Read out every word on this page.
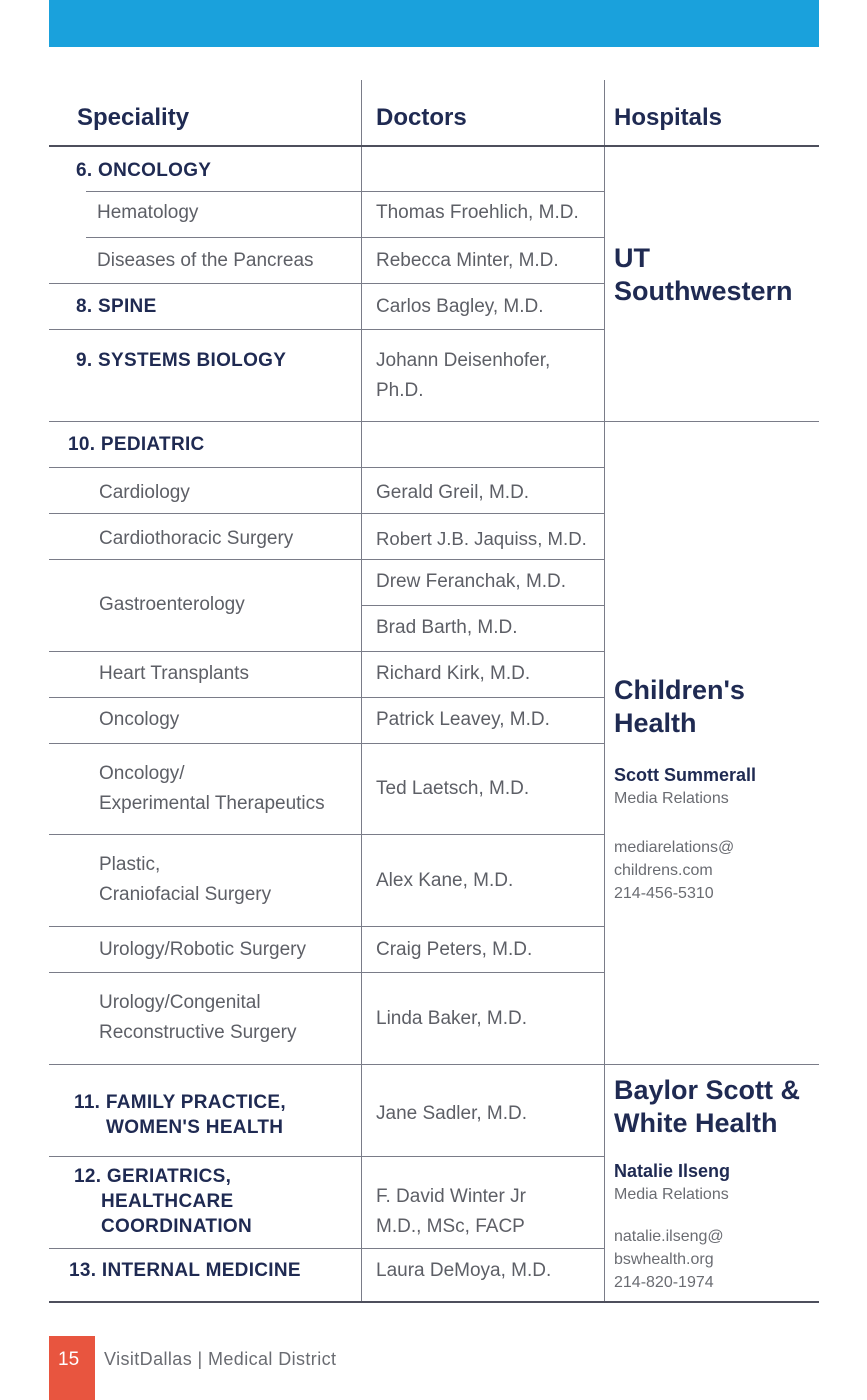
Speciality	Doctors	Hospitals
6. ONCOLOGY
Hematology
Diseases of the Pancreas
8. SPINE
9. SYSTEMS BIOLOGY
10. PEDIATRIC
Cardiology
Cardiothoracic Surgery
Gastroenterology
Heart Transplants
Oncology
Oncology/
Experimental Therapeutics
Plastic,
Craniofacial Surgery
Urology/Robotic Surgery
Urology/Congenital
Reconstructive Surgery
11. FAMILY PRACTICE,
WOMEN'S HEALTH
12. GERIATRICS,
HEALTHCARE
COORDINATION
13. INTERNAL MEDICINE
Thomas Froehlich, M.D.
Rebecca Minter, M.D.
Carlos Bagley, M.D.
Johann Deisenhofer,
Ph.D.
Gerald Greil, M.D.
Robert J.B. Jaquiss, M.D.
Drew Feranchak, M.D.
Brad Barth, M.D.
Richard Kirk, M.D.
Patrick Leavey, M.D.
Ted Laetsch, M.D.
Alex Kane, M.D.
Craig Peters, M.D.
Linda Baker, M.D.
Jane Sadler, M.D.
F. David Winter Jr
M.D., MSc, FACP
Laura DeMoya, M.D.
UT
Southwestern
Children's
Health
Scott Summerall
Media Relations
mediarelations@
childrens.com
214-456-5310
Baylor Scott &
White Health
Natalie Ilseng
Media Relations
natalie.ilseng@
bswhealth.org
214-820-1974
15 VisitDallas | Medical District
